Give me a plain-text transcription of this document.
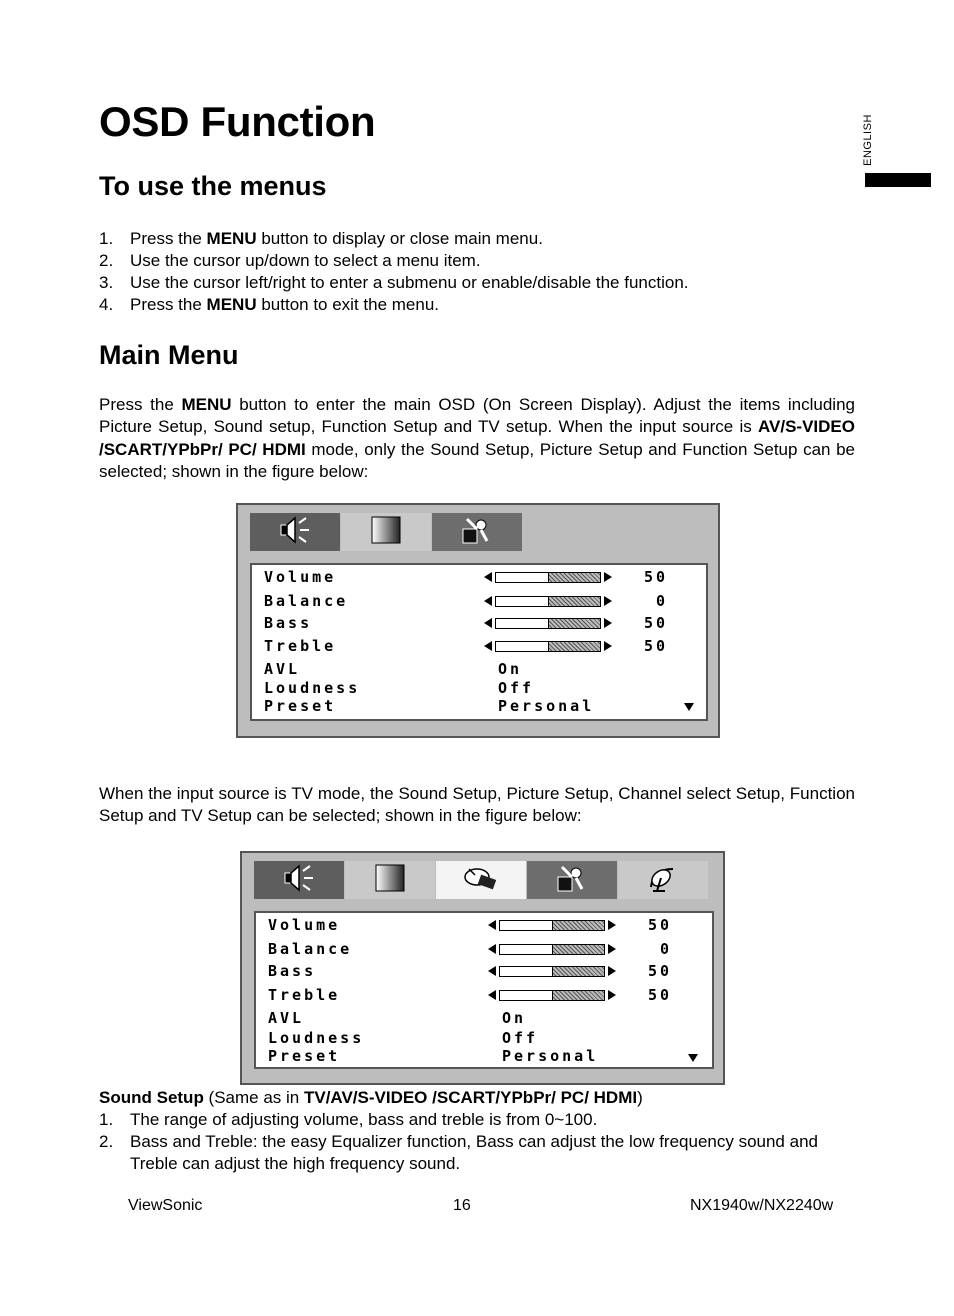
ENGLISH
OSD Function
To use the menus
1. Press the MENU button to display or close main menu.
2. Use the cursor up/down to select a menu item.
3. Use the cursor left/right to enter a submenu or enable/disable the function.
4. Press the MENU button to exit the menu.
Main Menu

Press the MENU button to enter the main OSD (On Screen Display). Adjust the items including Picture Setup, Sound setup, Function Setup and TV setup. When the input source is AV/S-VIDEO /SCART/YPbPr/ PC/ HDMI mode, only the Sound Setup, Picture Setup and Function Setup can be selected; shown in the figure below:

Volume	50
Balance	0
Bass	50
Treble	50
AVL	On
Loudness	Off
Preset	Personal

When the input source is TV mode, the Sound Setup, Picture Setup, Channel select Setup, Function Setup and TV Setup can be selected; shown in the figure below:

Volume	50
Balance	0
Bass	50
Treble	50
AVL	On
Loudness	Off
Preset	Personal
Sound Setup (Same as in TV/AV/S-VIDEO /SCART/YPbPr/ PC/ HDMI)
1. The range of adjusting volume, bass and treble is from 0~100.
2. Bass and Treble: the easy Equalizer function, Bass can adjust the low frequency sound and Treble can adjust the high frequency sound.
ViewSonic	16	NX1940w/NX2240w
